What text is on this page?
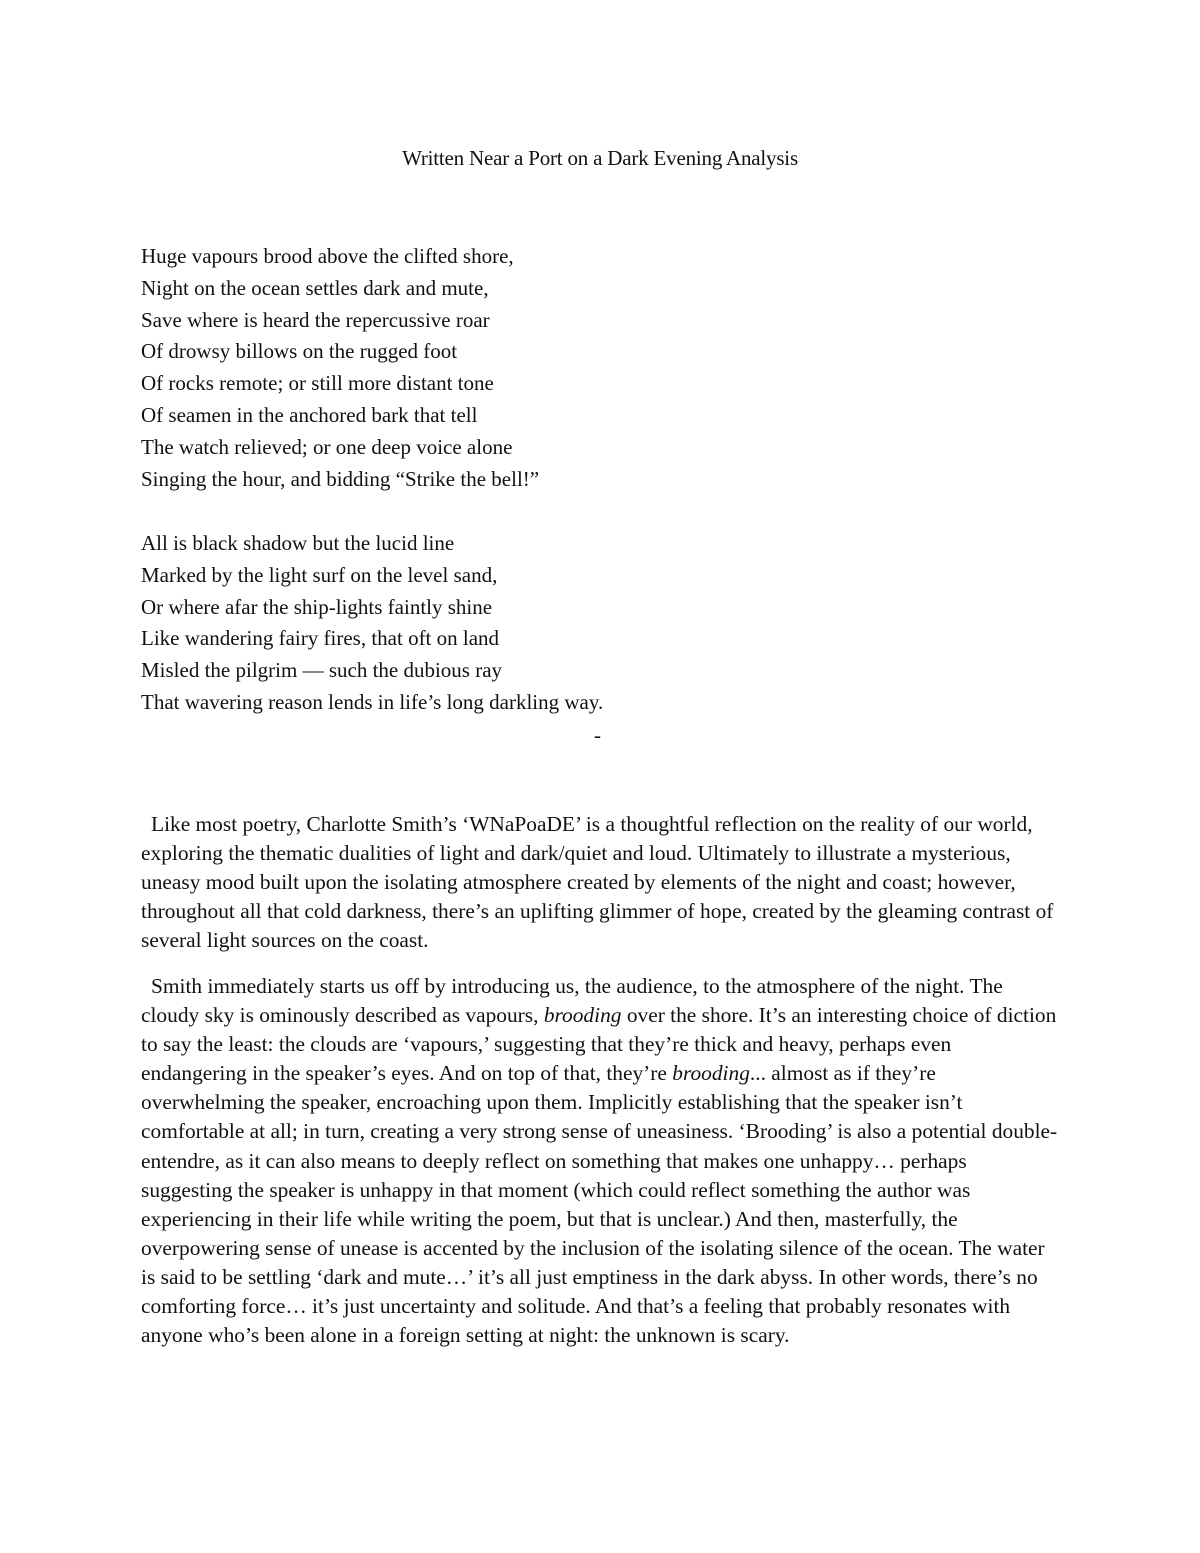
Written Near a Port on a Dark Evening Analysis
Huge vapours brood above the clifted shore,
Night on the ocean settles dark and mute,
Save where is heard the repercussive roar
Of drowsy billows on the rugged foot
Of rocks remote; or still more distant tone
Of seamen in the anchored bark that tell
The watch relieved; or one deep voice alone
Singing the hour, and bidding “Strike the bell!”
All is black shadow but the lucid line
Marked by the light surf on the level sand,
Or where afar the ship-lights faintly shine
Like wandering fairy fires, that oft on land
Misled the pilgrim — such the dubious ray
That wavering reason lends in life’s long darkling way.
-

Like most poetry, Charlotte Smith’s ‘WNaPoaDE’ is a thoughtful reflection on the reality of our world, exploring the thematic dualities of light and dark/quiet and loud. Ultimately to illustrate a mysterious, uneasy mood built upon the isolating atmosphere created by elements of the night and coast; however, throughout all that cold darkness, there’s an uplifting glimmer of hope, created by the gleaming contrast of several light sources on the coast.

Smith immediately starts us off by introducing us, the audience, to the atmosphere of the night. The cloudy sky is ominously described as vapours, brooding over the shore. It’s an interesting choice of diction to say the least: the clouds are ‘vapours,’ suggesting that they’re thick and heavy, perhaps even endangering in the speaker’s eyes. And on top of that, they’re brooding... almost as if they’re overwhelming the speaker, encroaching upon them. Implicitly establishing that the speaker isn’t comfortable at all; in turn, creating a very strong sense of uneasiness. ‘Brooding’ is also a potential double-entendre, as it can also means to deeply reflect on something that makes one unhappy… perhaps suggesting the speaker is unhappy in that moment (which could reflect something the author was experiencing in their life while writing the poem, but that is unclear.) And then, masterfully, the overpowering sense of unease is accented by the inclusion of the isolating silence of the ocean. The water is said to be settling ‘dark and mute…’ it’s all just emptiness in the dark abyss. In other words, there’s no comforting force… it’s just uncertainty and solitude. And that’s a feeling that probably resonates with anyone who’s been alone in a foreign setting at night: the unknown is scary.
